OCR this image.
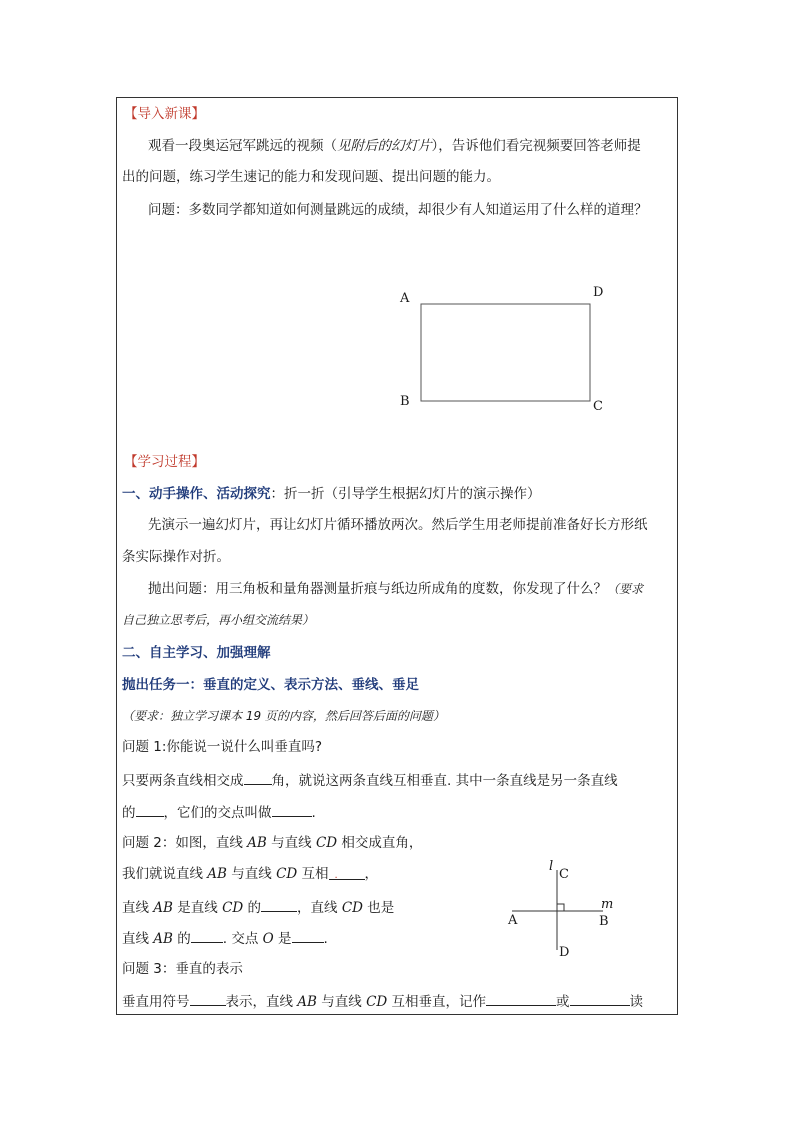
【导入新课】
观看一段奥运冠军跳远的视频（见附后的幻灯片），告诉他们看完视频要回答老师提
出的问题，练习学生速记的能力和发现问题、提出问题的能力。
问题：多数同学都知道如何测量跳远的成绩，却很少有人知道运用了什么样的道理？
A	D
B	C
【学习过程】
一、动手操作、活动探究：折一折（引导学生根据幻灯片的演示操作）
先演示一遍幻灯片，再让幻灯片循环播放两次。然后学生用老师提前准备好长方形纸
条实际操作对折。
抛出问题：用三角板和量角器测量折痕与纸边所成角的度数，你发现了什么？（要求
自己独立思考后，再小组交流结果）
二、自主学习、加强理解
抛出任务一：垂直的定义、表示方法、垂线、垂足
（要求：独立学习课本 19 页的内容，然后回答后面的问题）
问题 1:你能说一说什么叫垂直吗?
只要两条直线相交成 角，就说这两条直线互相垂直. 其中一条直线是另一条直线
的 ，它们的交点叫做	.
问题 2：如图，直线 AB 与直线 CD 相交成直角，
我们就说直线 AB 与直线 CD 互相 . ，
直线 AB 是直线 CD 的	，直线 CD 也是
直线 AB 的 . 交点 O 是 .
问题 3：垂直的表示
垂直用符号	表示，直线 AB 与直线 CD 互相垂直，记作	或	读
l
C
m
A	B
D
